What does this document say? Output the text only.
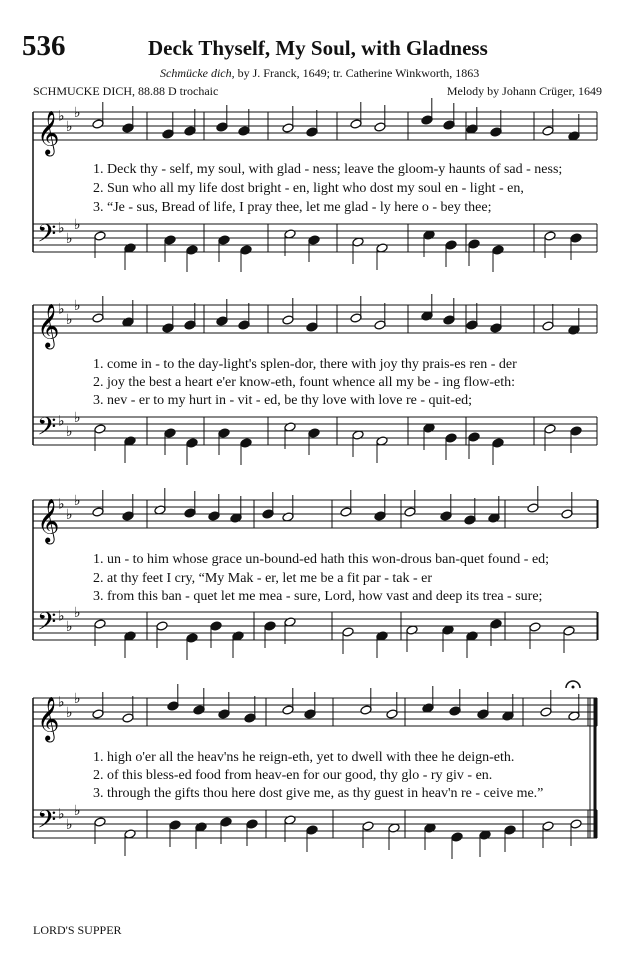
536	Deck Thyself, My Soul, with Gladness
Schmücke dich, by J. Franck, 1649; tr. Catherine Winkworth, 1863
SCHMUCKE DICH, 88.88 D trochaic	Melody by Johann Crüger, 1649
𝄞
♭
♭
♭
𝄢 ♭
♭
♭
𝄞
♭
♭
♭
𝄢 ♭
♭
♭
𝄞
♭
♭
♭
𝄢 ♭
♭
♭
𝄞
♭
♭
♭
𝄢 ♭
♭
♭
1. Deck thy - self, my soul, with glad - ness; leave the gloom-y haunts of sad - ness;
2. Sun who all my life dost bright - en, light who dost my soul en - light - en,
3. “Je - sus, Bread of life, I pray thee, let me glad - ly here o - bey thee;
1. come in - to the day-light's splen-dor, there with joy thy prais-es ren - der
2. joy the best a heart e'er know-eth, fount whence all my be - ing flow-eth:
3. nev - er to my hurt in - vit - ed, be thy love with love re - quit-ed;
1. un - to him whose grace un-bound-ed hath this won-drous ban-quet found - ed;
2. at thy feet I cry, “My Mak - er, let me be a fit par - tak - er
3. from this ban - quet let me mea - sure, Lord, how vast and deep its trea - sure;
1. high o'er all the heav'ns he reign-eth, yet to dwell with thee he deign-eth.
2. of this bless-ed food from heav-en for our good, thy glo - ry giv - en.
3. through the gifts thou here dost give me, as thy guest in heav'n re - ceive me.”
LORD'S SUPPER
